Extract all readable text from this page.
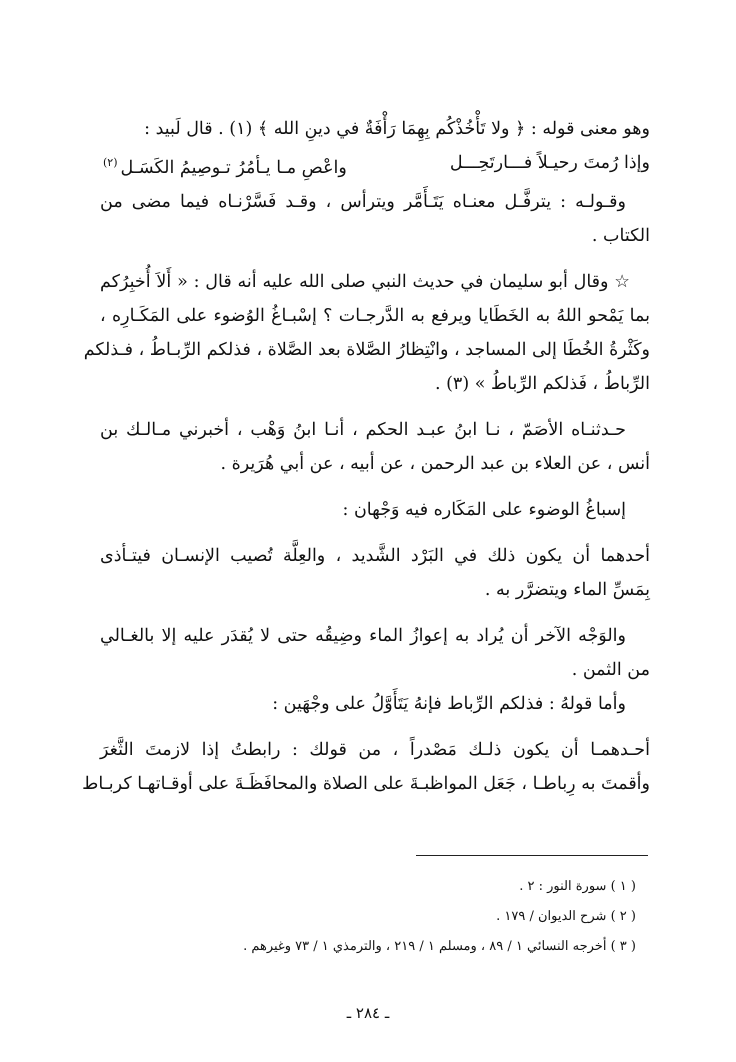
وهو معنى قوله : ﴿ ولا تَأْخُذْكُم بِهِمَا رَأْفَةٌ في دينِ الله ﴾ (١) . قال لَبيد :
وإذا رُمتَ رحيـلاً فـــارتَحِـــل
واعْصِ مـا يـأمُرُ تـوصِيمُ الكَسَـل$^{(٢)}$
وقـولـه : يترفَّـل معنـاه يَتَـأَمَّر ويترأس ، وقـد فَسَّرْنـاه فيما مضى من
الكتاب .
☆ وقال أبو سليمان في حديث النبي صلى الله عليه أنه قال : « أَلاَ أُخبِرُكم
بما يَمْحو اللهُ به الخَطَايا ويرفع به الدَّرجـات ؟ إسْبـاغُ الوُضوء على المَكَـارِه ،
وكَثْرةُ الخُطَا إلى المساجد ، وانْتِظارُ الصَّلاة بعد الصَّلاة ، فذلكم الرِّبـاطُ ، فـذلكم
الرِّباطُ ، فَذلكم الرِّباطُ » (٣) .
حـدثنـاه الأصَمّ ، نـا ابنُ عبـد الحكم ، أنـا ابنُ وَهْب ، أخبرني مـالـك بن
أنس ، عن العلاء بن عبد الرحمن ، عن أبيه ، عن أبي هُرَيرة .
إسباغُ الوضوء على المَكَاره فيه وَجْهان :
أحدهما أن يكون ذلك في البَرْد الشَّديد ، والعِلَّة تُصيب الإنسـان فيتـأذى
بِمَسِّ الماء ويتضرَّر به .
والوَجْه الآخر أن يُراد به إعوازُ الماء وضِيقُه حتى لا يُقدَر عليه إلا بالغـالي
من الثمن .
وأما قولهُ : فذلكم الرِّباط فإنهُ يَتَأَوَّلُ على وجْهَين :
أحـدهمـا أن يكون ذلـك مَصْدراً ، من قولك : رابطتُ إذا لازمتَ الثَّغرَ
وأقمتَ به رِباطـا ، جَعَل المواظبـةَ على الصلاة والمحافَظَـةَ على أوقـاتهـا كربـاط
( ١ ) سورة النور : ٢ .
( ٢ ) شرح الديوان / ١٧٩ .
( ٣ ) أخرجه النسائي ١ / ٨٩ ، ومسلم ١ / ٢١٩ ، والترمذي ١ / ٧٣ وغيرهم .
ـ ٢٨٤ ـ
